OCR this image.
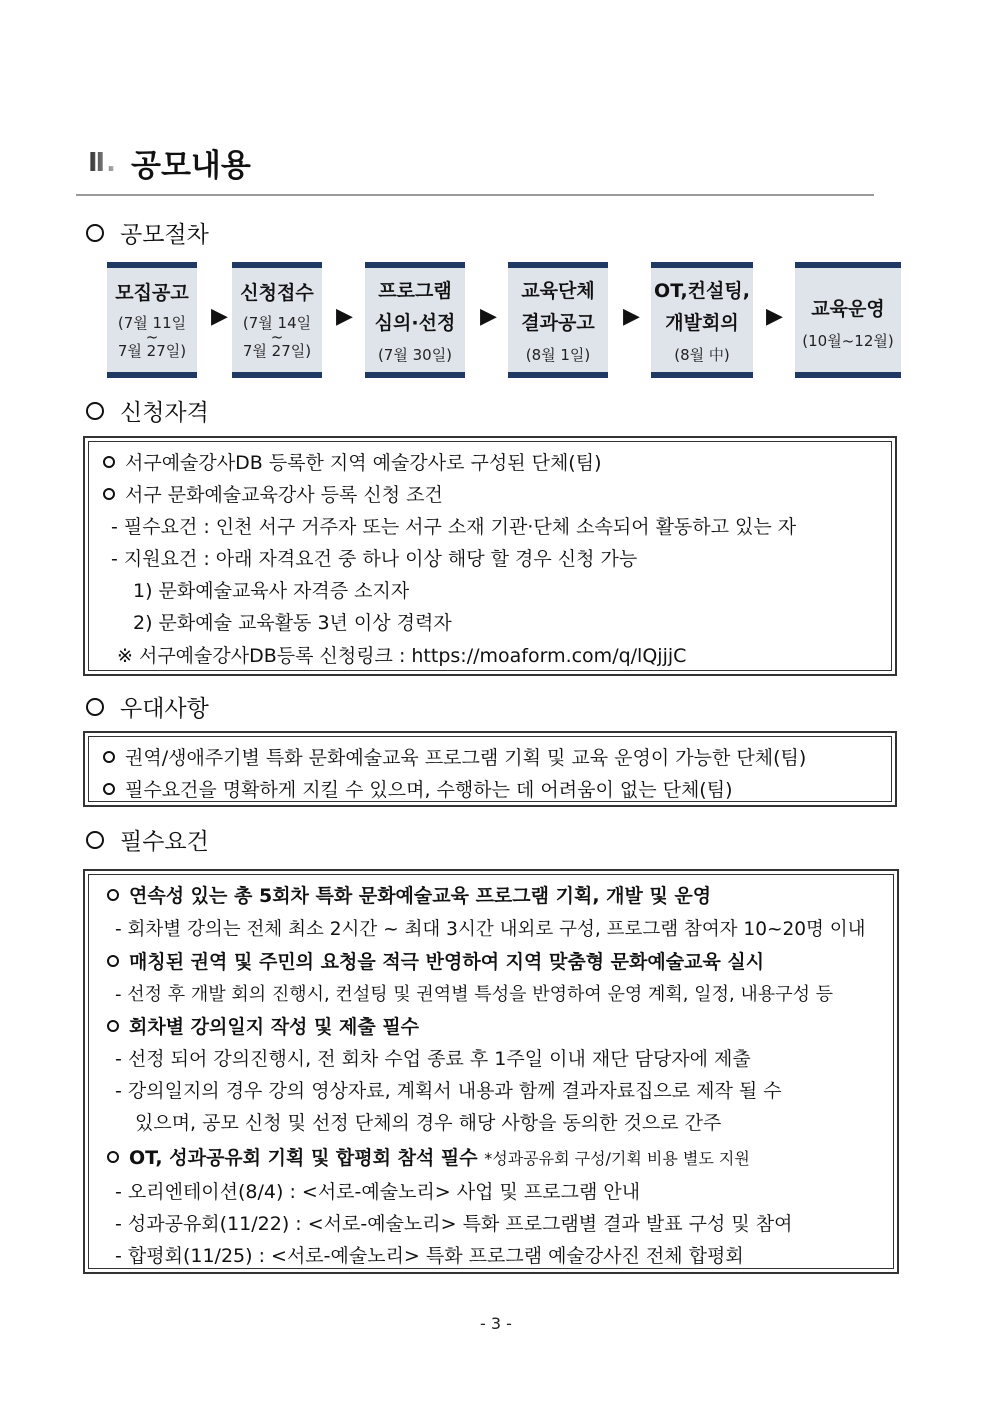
Ⅱ. 공모내용
공모절차
모집공고
(7월 11일
~
7월 27일)
▶
신청접수
(7월 14일
~
7월 27일)
▶
프로그램
심의·선정
(7월 30일)
▶
교육단체
결과공고
(8월 1일)
▶
OT,컨설팅,
개발회의
(8월 中)
▶	교육운영
(10월~12월)
신청자격
서구예술강사DB 등록한 지역 예술강사로 구성된 단체(팀)
서구 문화예술교육강사 등록 신청 조건
- 필수요건 : 인천 서구 거주자 또는 서구 소재 기관·단체 소속되어 활동하고 있는 자
- 지원요건 : 아래 자격요건 중 하나 이상 해당 할 경우 신청 가능
1) 문화예술교육사 자격증 소지자
2) 문화예술 교육활동 3년 이상 경력자
※ 서구예술강사DB등록 신청링크 : https://moaform.com/q/lQjjjC
우대사항
권역/생애주기별 특화 문화예술교육 프로그램 기획 및 교육 운영이 가능한 단체(팀)
필수요건을 명확하게 지킬 수 있으며, 수행하는 데 어려움이 없는 단체(팀)
필수요건
연속성 있는 총 5회차 특화 문화예술교육 프로그램 기획, 개발 및 운영
- 회차별 강의는 전체 최소 2시간 ~ 최대 3시간 내외로 구성, 프로그램 참여자 10~20명 이내
매칭된 권역 및 주민의 요청을 적극 반영하여 지역 맞춤형 문화예술교육 실시
- 선정 후 개발 회의 진행시, 컨설팅 및 권역별 특성을 반영하여 운영 계획, 일정, 내용구성 등
회차별 강의일지 작성 및 제출 필수
- 선정 되어 강의진행시, 전 회차 수업 종료 후 1주일 이내 재단 담당자에 제출
- 강의일지의 경우 강의 영상자료, 계획서 내용과 함께 결과자료집으로 제작 될 수
있으며, 공모 신청 및 선정 단체의 경우 해당 사항을 동의한 것으로 간주
OT, 성과공유회 기획 및 합평회 참석 필수 *성과공유회 구성/기획 비용 별도 지원
- 오리엔테이션(8/4) : <서로-예술노리> 사업 및 프로그램 안내
- 성과공유회(11/22) : <서로-예술노리> 특화 프로그램별 결과 발표 구성 및 참여
- 합평회(11/25) : <서로-예술노리> 특화 프로그램 예술강사진 전체 합평회
- 3 -
